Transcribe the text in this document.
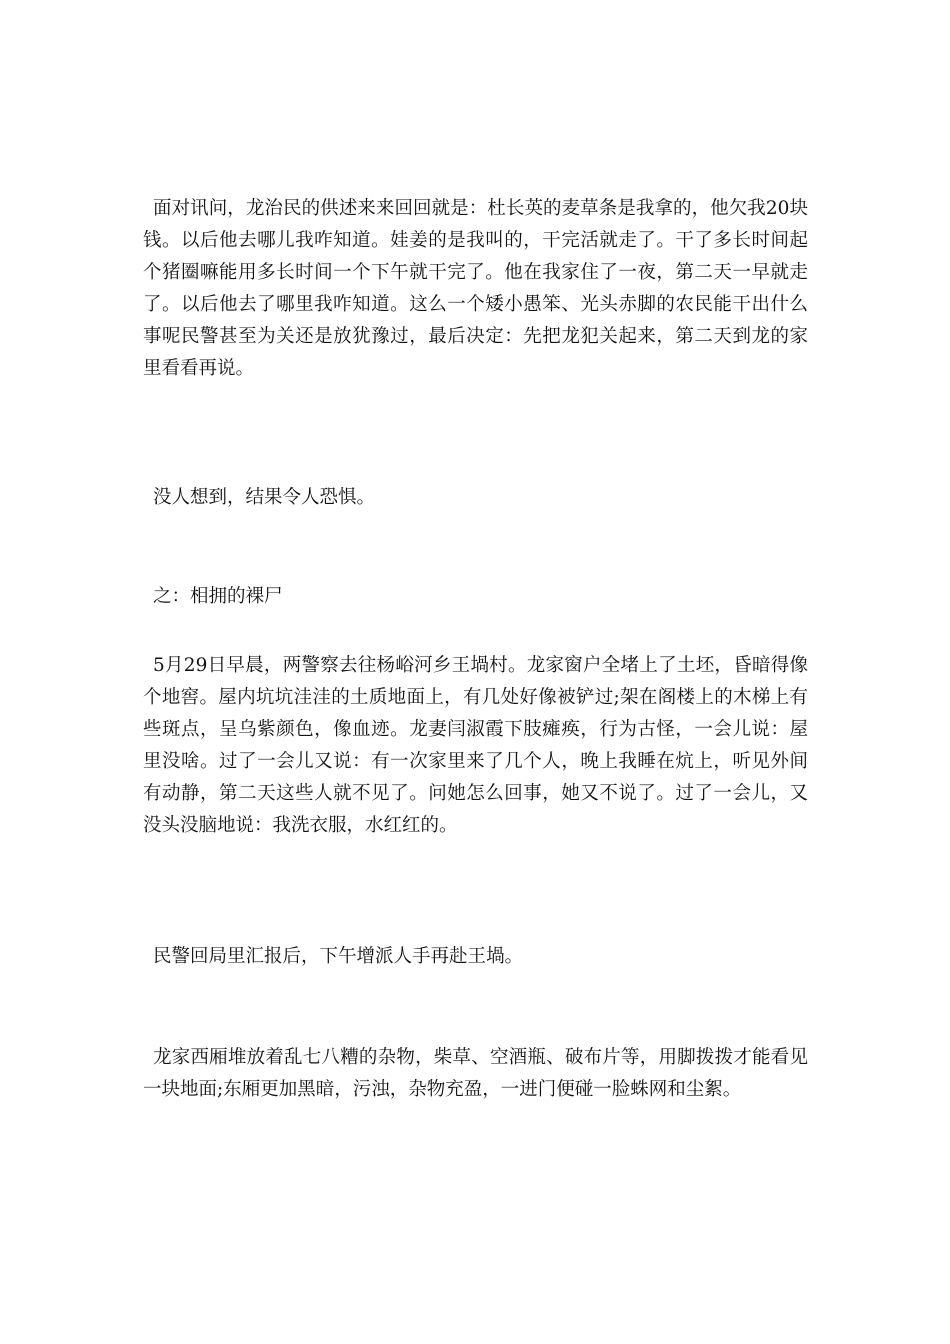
面对讯问，龙治民的供述来来回回就是：杜长英的麦草条是我拿的，他欠我20块钱。以后他去哪儿我咋知道。娃姜的是我叫的，干完活就走了。干了多长时间起个猪圈嘛能用多长时间一个下午就干完了。他在我家住了一夜，第二天一早就走了。以后他去了哪里我咋知道。这么一个矮小愚笨、光头赤脚的农民能干出什么事呢民警甚至为关还是放犹豫过，最后决定：先把龙犯关起来，第二天到龙的家里看看再说。

没人想到，结果令人恐惧。

之：相拥的裸尸

5月29日早晨，两警察去往杨峪河乡王堝村。龙家窗户全堵上了土坯，昏暗得像个地窖。屋内坑坑洼洼的土质地面上，有几处好像被铲过;架在阁楼上的木梯上有些斑点，呈乌紫颜色，像血迹。龙妻闫淑霞下肢瘫痪，行为古怪，一会儿说：屋里没啥。过了一会儿又说：有一次家里来了几个人，晚上我睡在炕上，听见外间有动静，第二天这些人就不见了。问她怎么回事，她又不说了。过了一会儿，又没头没脑地说：我洗衣服，水红红的。

民警回局里汇报后，下午增派人手再赴王堝。

龙家西厢堆放着乱七八糟的杂物，柴草、空酒瓶、破布片等，用脚拨拨才能看见一块地面;东厢更加黑暗，污浊，杂物充盈，一进门便碰一脸蛛网和尘絮。
